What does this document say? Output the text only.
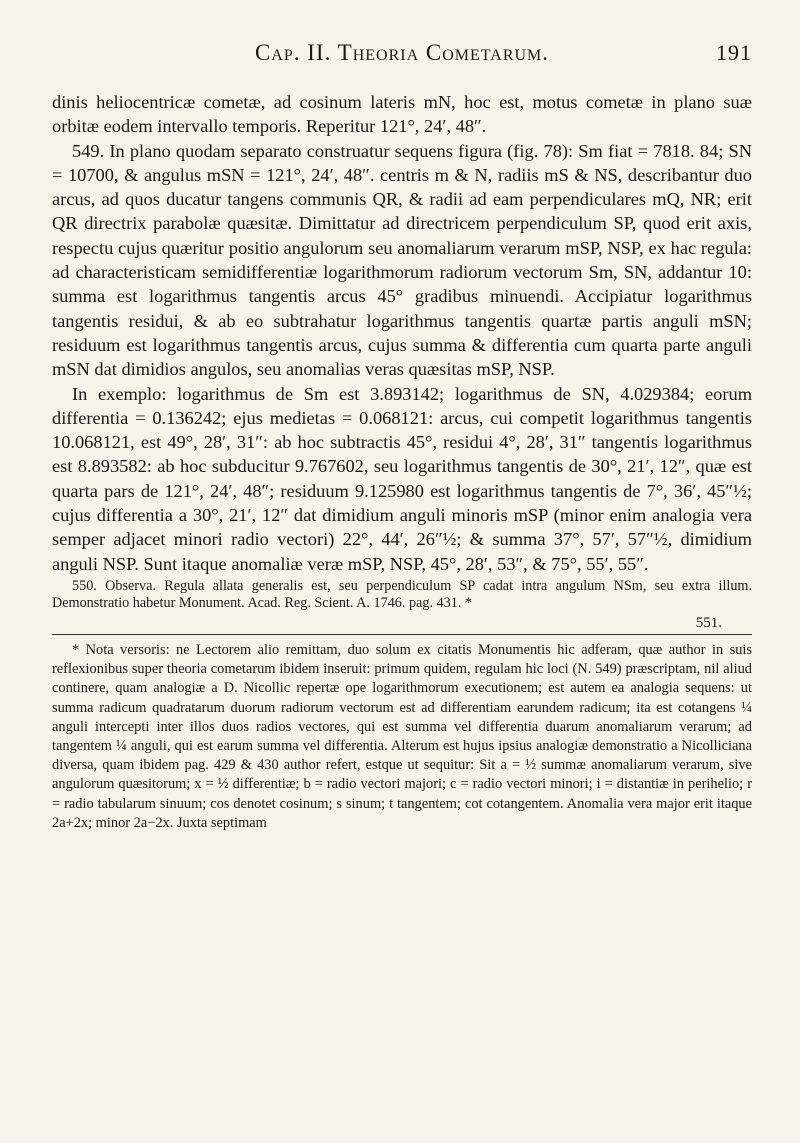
Cap. II. Theoria Cometarum.	191

dinis heliocentricæ cometæ, ad cosinum lateris mN, hoc est, motus cometæ in plano suæ orbitæ eodem intervallo temporis. Reperitur 121°, 24′, 48″.

549. In plano quodam separato construatur sequens figura (fig. 78): Sm fiat = 7818. 84; SN = 10700, & angulus mSN = 121°, 24′, 48″. centris m & N, radiis mS & NS, describantur duo arcus, ad quos ducatur tangens communis QR, & radii ad eam perpendiculares mQ, NR; erit QR directrix parabolæ quæsitæ. Dimittatur ad directricem perpendiculum SP, quod erit axis, respectu cujus quæritur positio angulorum seu anomaliarum verarum mSP, NSP, ex hac regula: ad characteristicam semidifferentiæ logarithmorum radiorum vectorum Sm, SN, addantur 10: summa est logarithmus tangentis arcus 45° gradibus minuendi. Accipiatur logarithmus tangentis residui, & ab eo subtrahatur logarithmus tangentis quartæ partis anguli mSN; residuum est logarithmus tangentis arcus, cujus summa & differentia cum quarta parte anguli mSN dat dimidios angulos, seu anomalias veras quæsitas mSP, NSP.

In exemplo: logarithmus de Sm est 3.893142; logarithmus de SN, 4.029384; eorum differentia = 0.136242; ejus medietas = 0.068121: arcus, cui competit logarithmus tangentis 10.068121, est 49°, 28′, 31″: ab hoc subtractis 45°, residui 4°, 28′, 31″ tangentis logarithmus est 8.893582: ab hoc subducitur 9.767602, seu logarithmus tangentis de 30°, 21′, 12″, quæ est quarta pars de 121°, 24′, 48″; residuum 9.125980 est logarithmus tangentis de 7°, 36′, 45″½; cujus differentia a 30°, 21′, 12″ dat dimidium anguli minoris mSP (minor enim analogia vera semper adjacet minori radio vectori) 22°, 44′, 26″½; & summa 37°, 57′, 57″½, dimidium anguli NSP. Sunt itaque anomaliæ veræ mSP, NSP, 45°, 28′, 53″, & 75°, 55′, 55″.

550. Observa. Regula allata generalis est, seu perpendiculum SP cadat intra angulum NSm, seu extra illum. Demonstratio habetur Monument. Acad. Reg. Scient. A. 1746. pag. 431. *
551.
* Nota versoris: ne Lectorem alio remittam, duo solum ex citatis Monumentis hic adferam, quæ author in suis reflexionibus super theoria cometarum ibidem inseruit: primum quidem, regulam hic loci (N. 549) præscriptam, nil aliud continere, quam analogiæ a D. Nicollic repertæ ope logarithmorum executionem; est autem ea analogia sequens: ut summa radicum quadratarum duorum radiorum vectorum est ad differentiam earundem radicum; ita est cotangens ¼ anguli intercepti inter illos duos radios vectores, qui est summa vel differentia duarum anomaliarum verarum; ad tangentem ¼ anguli, qui est earum summa vel differentia. Alterum est hujus ipsius analogiæ demonstratio a Nicolliciana diversa, quam ibidem pag. 429 & 430 author refert, estque ut sequitur: Sit a = ½ summæ anomaliarum verarum, sive angulorum quæsitorum; x = ½ differentiæ; b = radio vectori majori; c = radio vectori minori; i = distantiæ in perihelio; r = radio tabularum sinuum; cos denotet cosinum; s sinum; t tangentem; cot cotangentem. Anomalia vera major erit itaque 2a+2x; minor 2a−2x. Juxta septimam
